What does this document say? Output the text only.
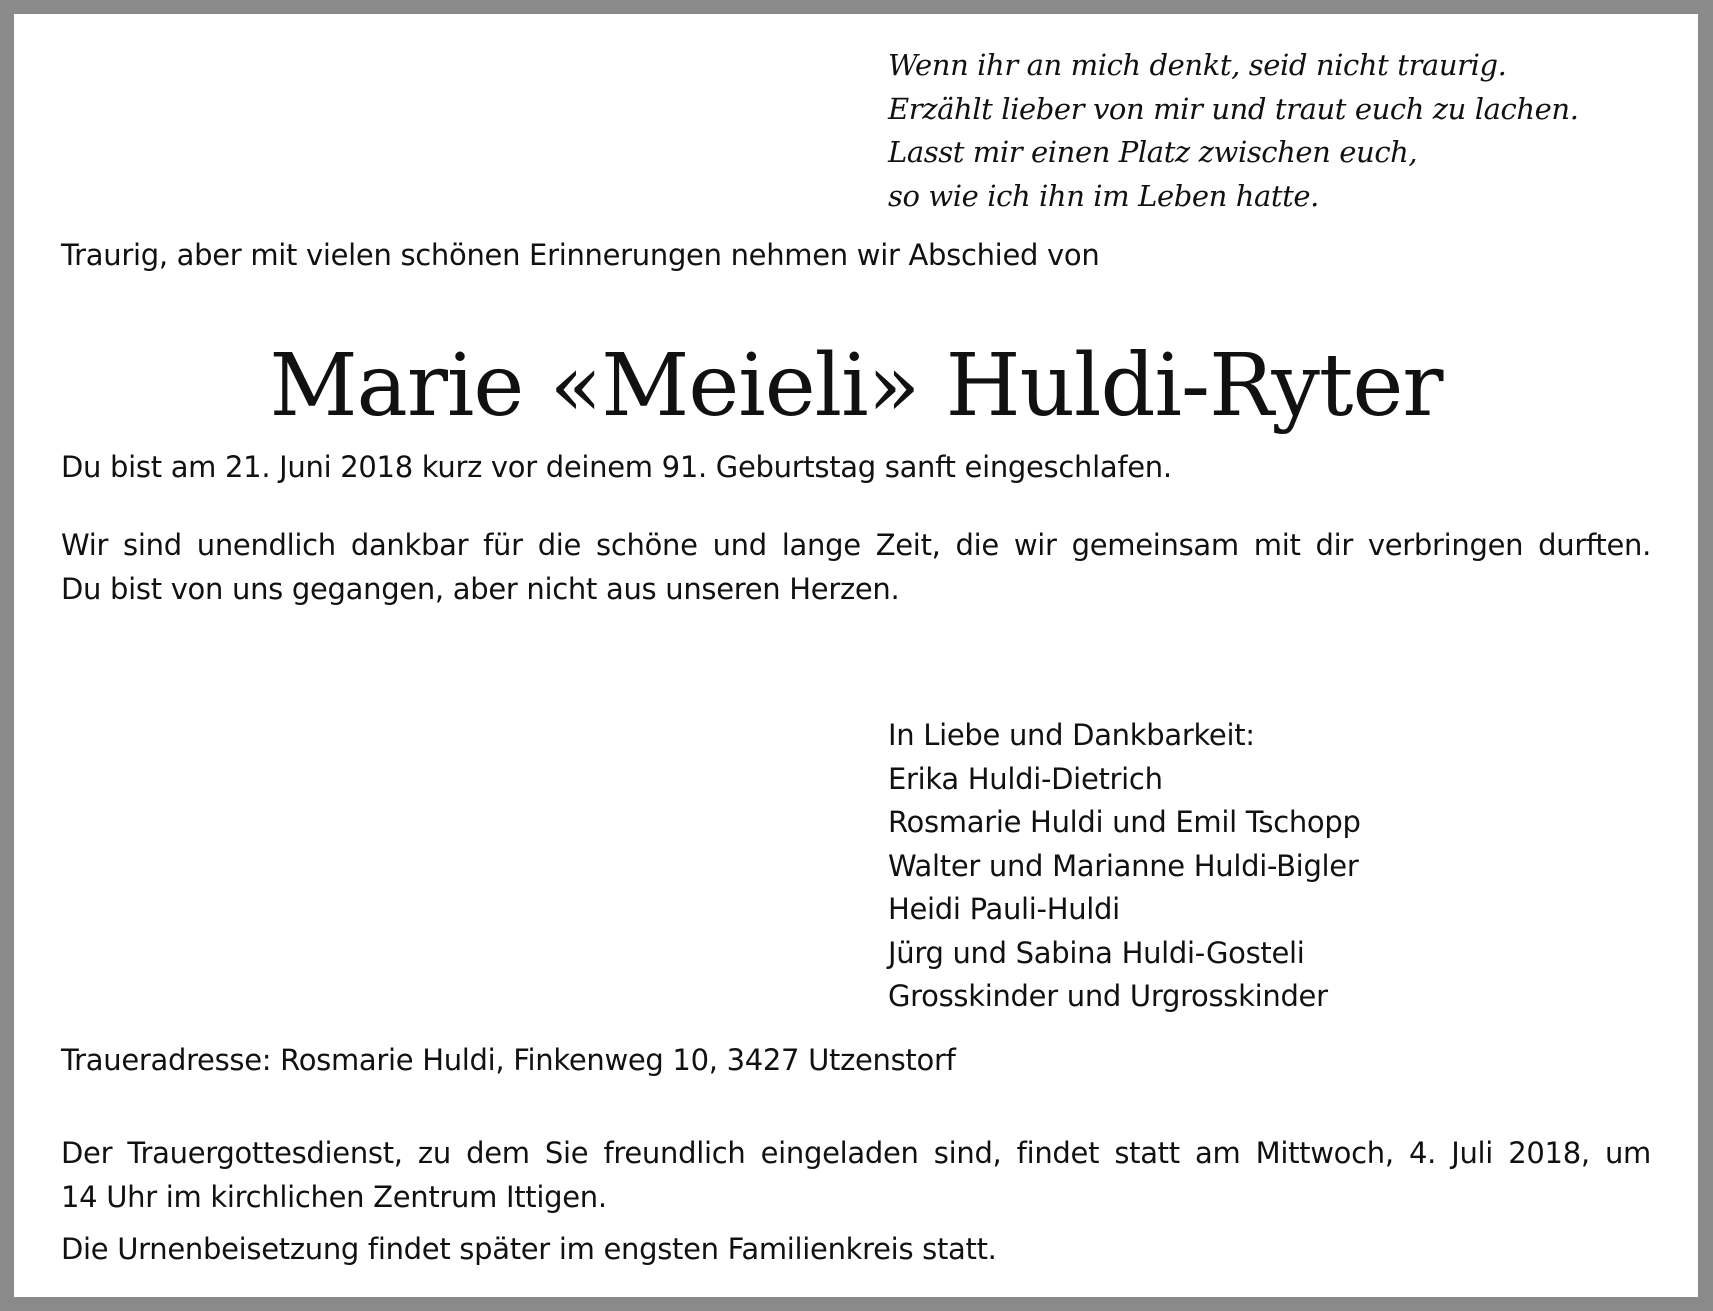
Wenn ihr an mich denkt, seid nicht traurig.
Erzählt lieber von mir und traut euch zu lachen.
Lasst mir einen Platz zwischen euch,
so wie ich ihn im Leben hatte.
Traurig, aber mit vielen schönen Erinnerungen nehmen wir Abschied von
Marie «Meieli» Huldi-Ryter
Du bist am 21. Juni 2018 kurz vor deinem 91. Geburtstag sanft eingeschlafen.
Wir sind unendlich dankbar für die schöne und lange Zeit, die wir gemeinsam mit dir verbringen durften.
Du bist von uns gegangen, aber nicht aus unseren Herzen.
In Liebe und Dankbarkeit:
Erika Huldi-Dietrich
Rosmarie Huldi und Emil Tschopp
Walter und Marianne Huldi-Bigler
Heidi Pauli-Huldi
Jürg und Sabina Huldi-Gosteli
Grosskinder und Urgrosskinder
Traueradresse: Rosmarie Huldi, Finkenweg 10, 3427 Utzenstorf
Der Trauergottesdienst, zu dem Sie freundlich eingeladen sind, findet statt am Mittwoch, 4. Juli 2018, um
14 Uhr im kirchlichen Zentrum Ittigen.
Die Urnenbeisetzung findet später im engsten Familienkreis statt.
